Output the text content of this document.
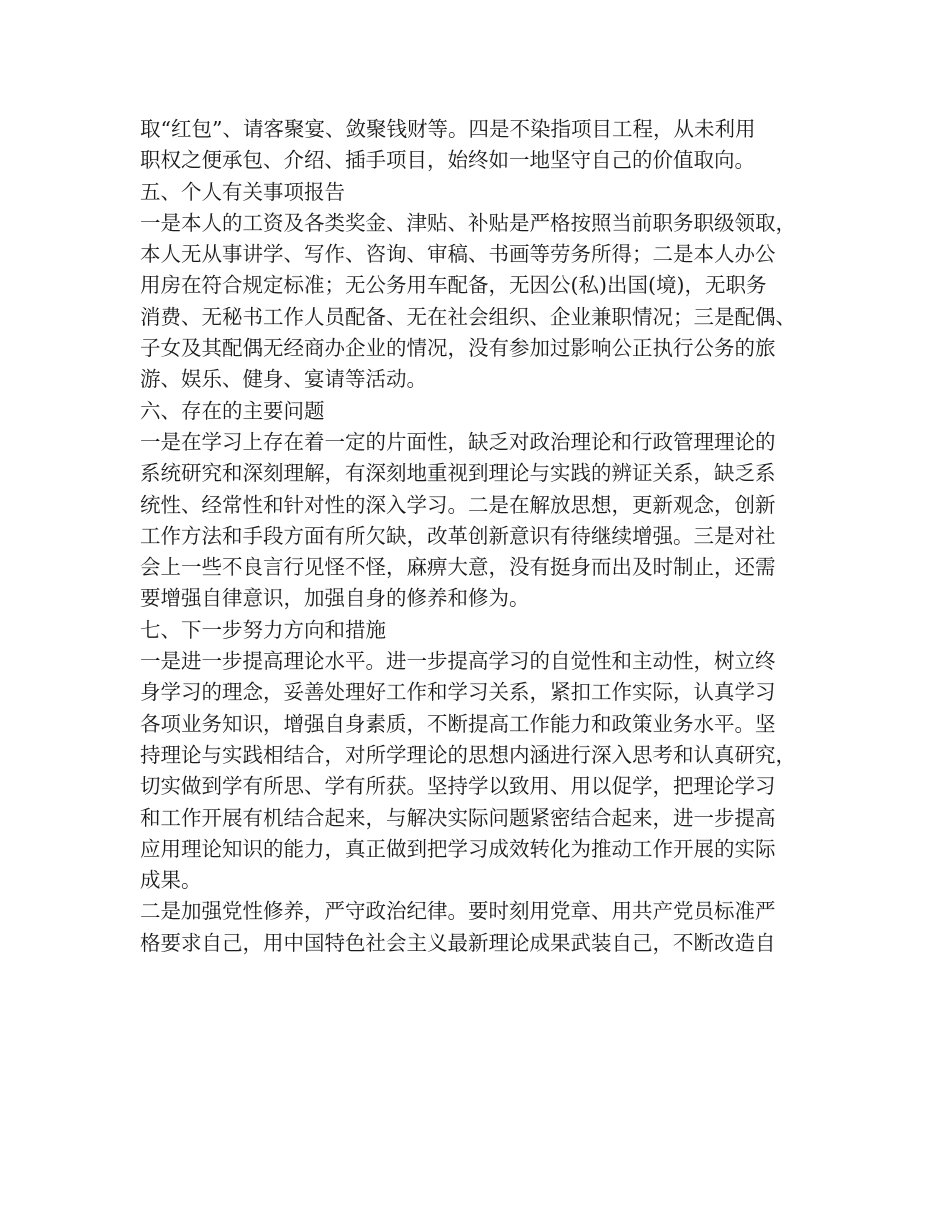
取“红包”、请客聚宴、敛聚钱财等。四是不染指项目工程，从未利用
职权之便承包、介绍、插手项目，始终如一地坚守自己的价值取向。
五、个人有关事项报告
一是本人的工资及各类奖金、津贴、补贴是严格按照当前职务职级领取，
本人无从事讲学、写作、咨询、审稿、书画等劳务所得；二是本人办公
用房在符合规定标准；无公务用车配备，无因公(私)出国(境)，无职务
消费、无秘书工作人员配备、无在社会组织、企业兼职情况；三是配偶、
子女及其配偶无经商办企业的情况，没有参加过影响公正执行公务的旅
游、娱乐、健身、宴请等活动。
六、存在的主要问题
一是在学习上存在着一定的片面性，缺乏对政治理论和行政管理理论的
系统研究和深刻理解，有深刻地重视到理论与实践的辨证关系，缺乏系
统性、经常性和针对性的深入学习。二是在解放思想，更新观念，创新
工作方法和手段方面有所欠缺，改革创新意识有待继续增强。三是对社
会上一些不良言行见怪不怪，麻痹大意，没有挺身而出及时制止，还需
要增强自律意识，加强自身的修养和修为。
七、下一步努力方向和措施
一是进一步提高理论水平。进一步提高学习的自觉性和主动性，树立终
身学习的理念，妥善处理好工作和学习关系，紧扣工作实际，认真学习
各项业务知识，增强自身素质，不断提高工作能力和政策业务水平。坚
持理论与实践相结合，对所学理论的思想内涵进行深入思考和认真研究，
切实做到学有所思、学有所获。坚持学以致用、用以促学，把理论学习
和工作开展有机结合起来，与解决实际问题紧密结合起来，进一步提高
应用理论知识的能力，真正做到把学习成效转化为推动工作开展的实际
成果。
二是加强党性修养，严守政治纪律。要时刻用党章、用共产党员标准严
格要求自己，用中国特色社会主义最新理论成果武装自己，不断改造自
